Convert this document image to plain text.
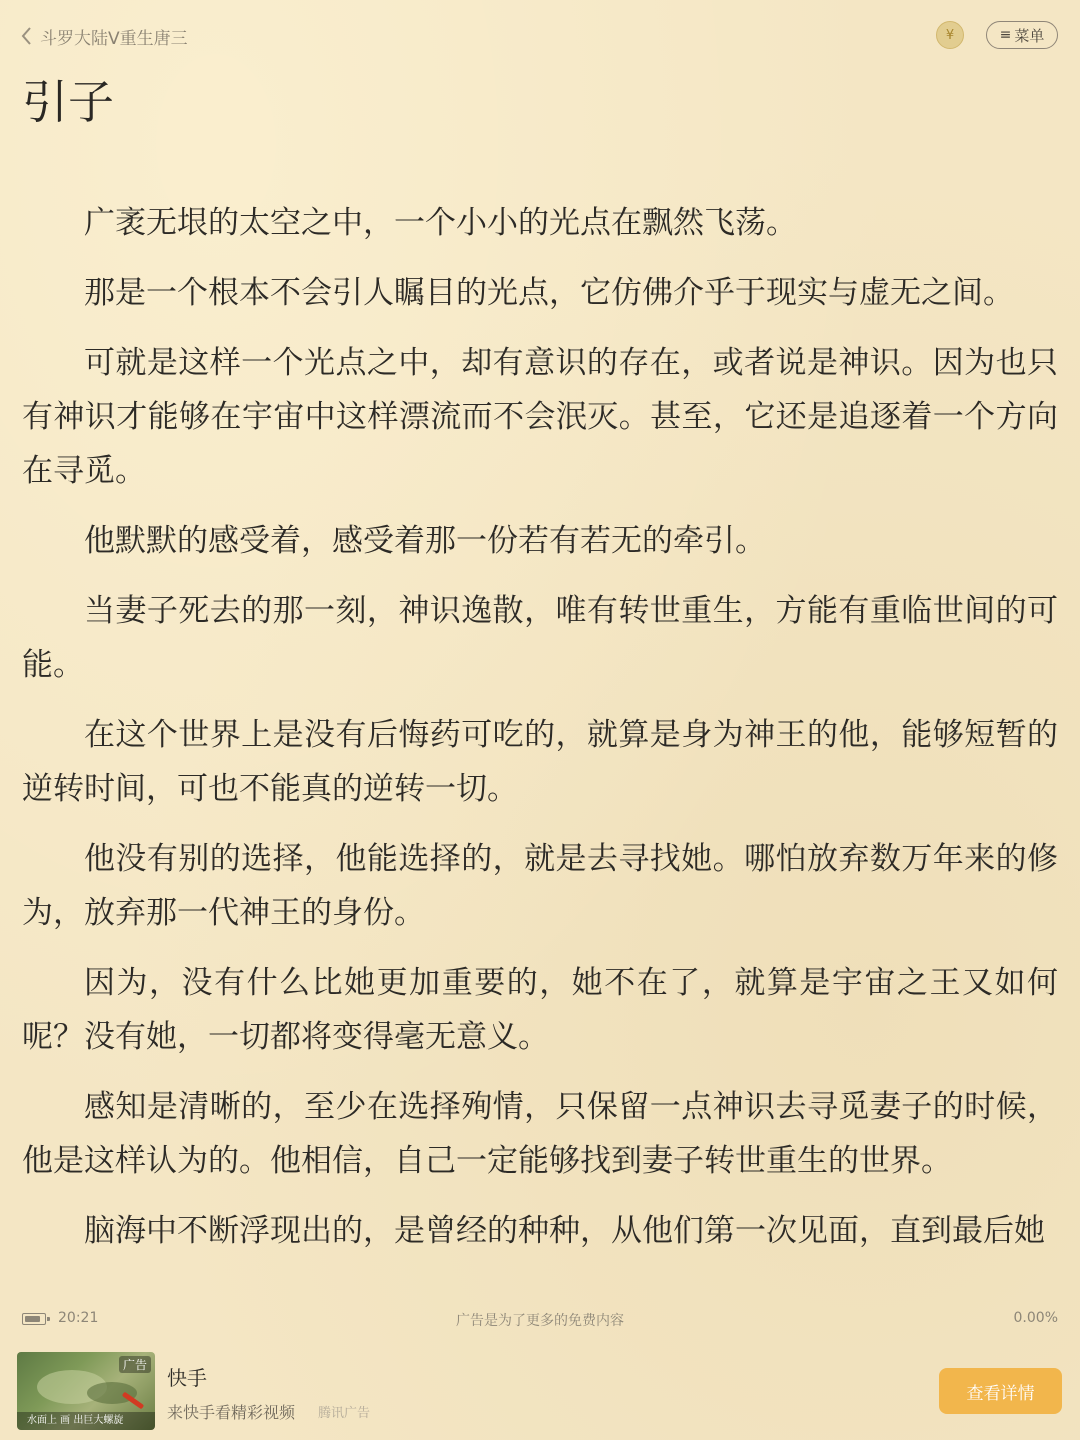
斗罗大陆V重生唐三	¥	≡ 菜单
引子

广袤无垠的太空之中，一个小小的光点在飘然飞荡。

那是一个根本不会引人瞩目的光点，它仿佛介乎于现实与虚无之间。

可就是这样一个光点之中，却有意识的存在，或者说是神识。因为也只有神识才能够在宇宙中这样漂流而不会泯灭。甚至，它还是追逐着一个方向在寻觅。

他默默的感受着，感受着那一份若有若无的牵引。

当妻子死去的那一刻，神识逸散，唯有转世重生，方能有重临世间的可能。

在这个世界上是没有后悔药可吃的，就算是身为神王的他，能够短暂的逆转时间，可也不能真的逆转一切。

他没有别的选择，他能选择的，就是去寻找她。哪怕放弃数万年来的修为，放弃那一代神王的身份。

因为，没有什么比她更加重要的，她不在了，就算是宇宙之王又如何呢？没有她，一切都将变得毫无意义。

感知是清晰的，至少在选择殉情，只保留一点神识去寻觅妻子的时候，他是这样认为的。他相信，自己一定能够找到妻子转世重生的世界。

脑海中不断浮现出的，是曾经的种种，从他们第一次见面，直到最后她

20:21	广告是为了更多的免费内容	0.00%
广告
水面上 画 出巨大螺旋
快手
来快手看精彩视频 腾讯广告
查看详情
